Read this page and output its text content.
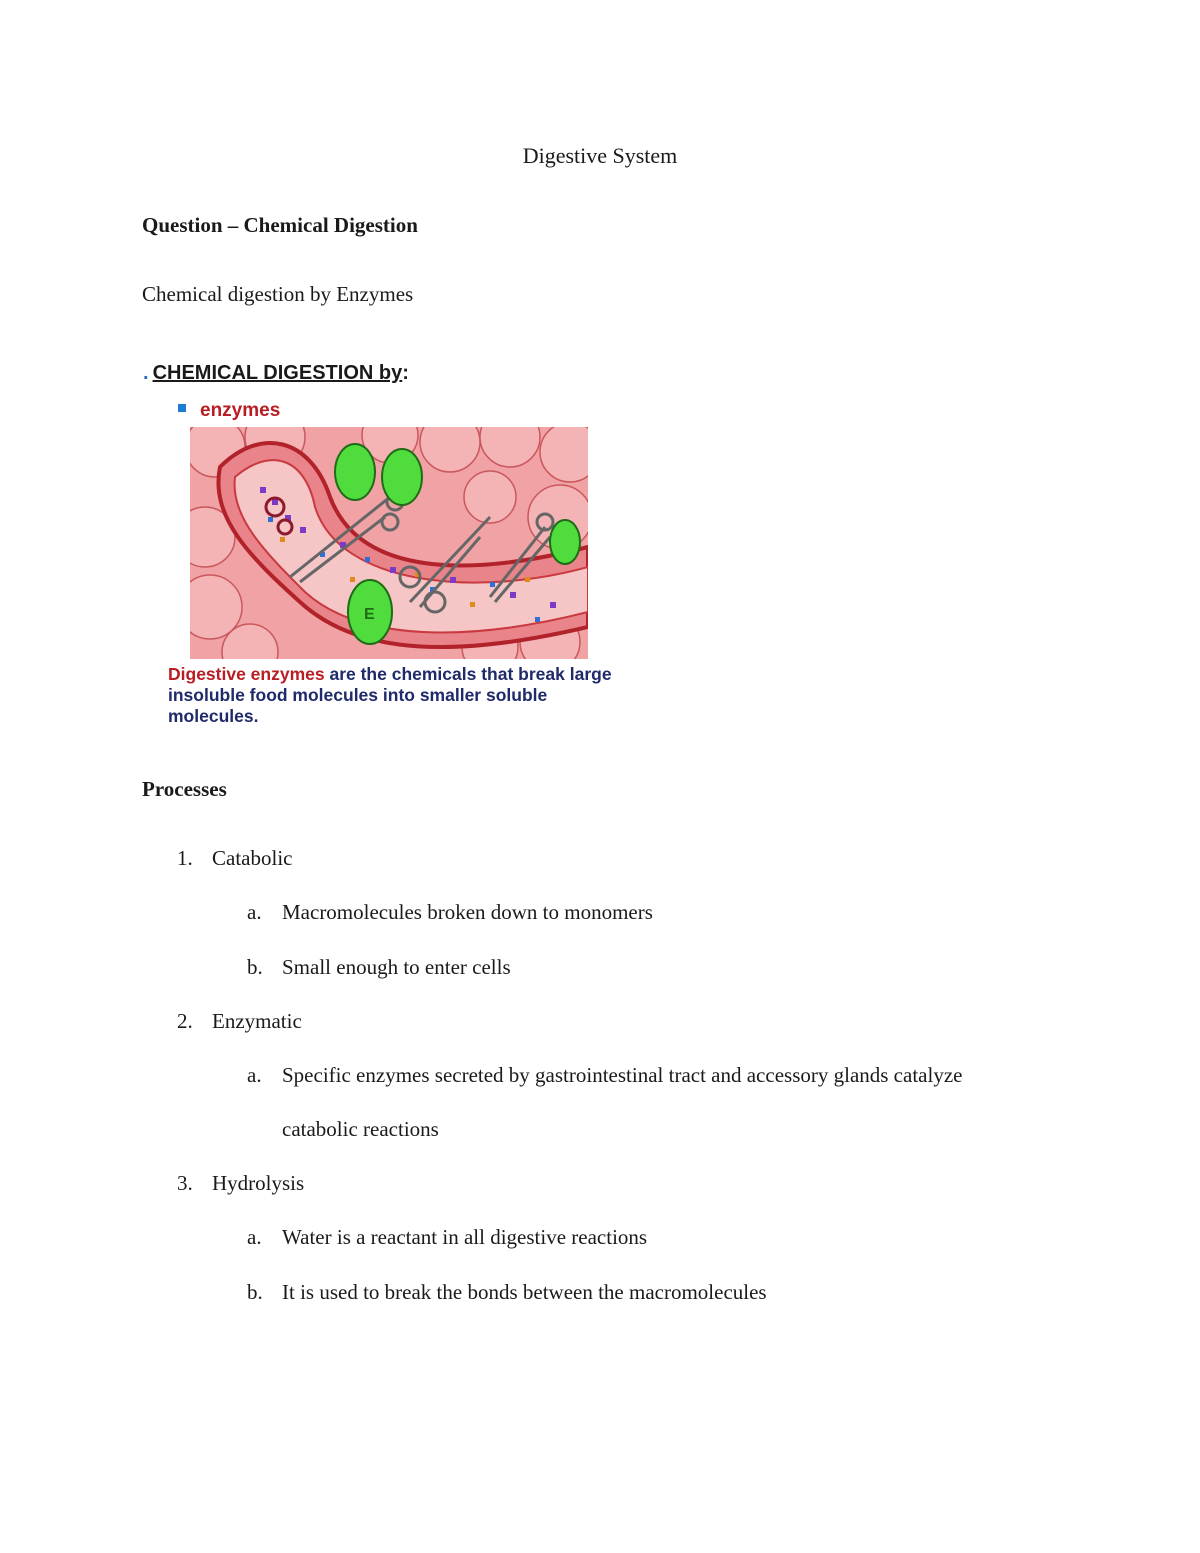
Digestive System
Question – Chemical Digestion
Chemical digestion by Enzymes
. CHEMICAL DIGESTION by:
enzymes
E
Digestive enzymes are the chemicals that break large insoluble food molecules into smaller soluble molecules.
Processes
1. Catabolic
a. Macromolecules broken down to monomers
b. Small enough to enter cells
2. Enzymatic
a. Specific enzymes secreted by gastrointestinal tract and accessory glands catalyze
catabolic reactions
3. Hydrolysis
a. Water is a reactant in all digestive reactions
b. It is used to break the bonds between the macromolecules
